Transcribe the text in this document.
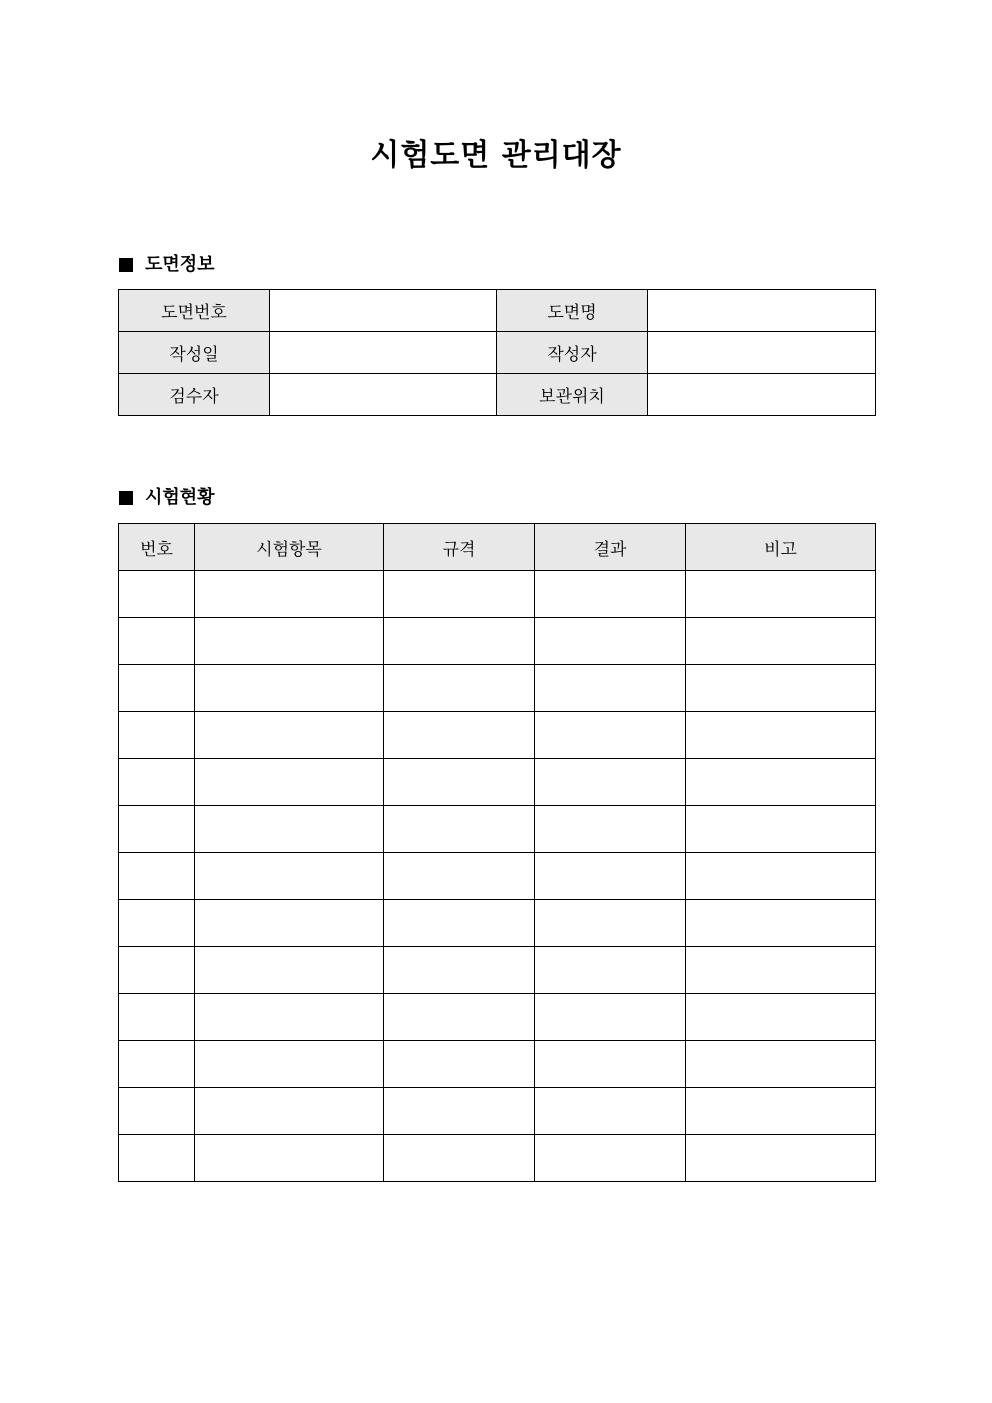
시험도면 관리대장
도면정보
도면번호		도면명	
작성일		작성자	
검수자		보관위치	
시험현황
번호	시험항목	규격	결과	비고
